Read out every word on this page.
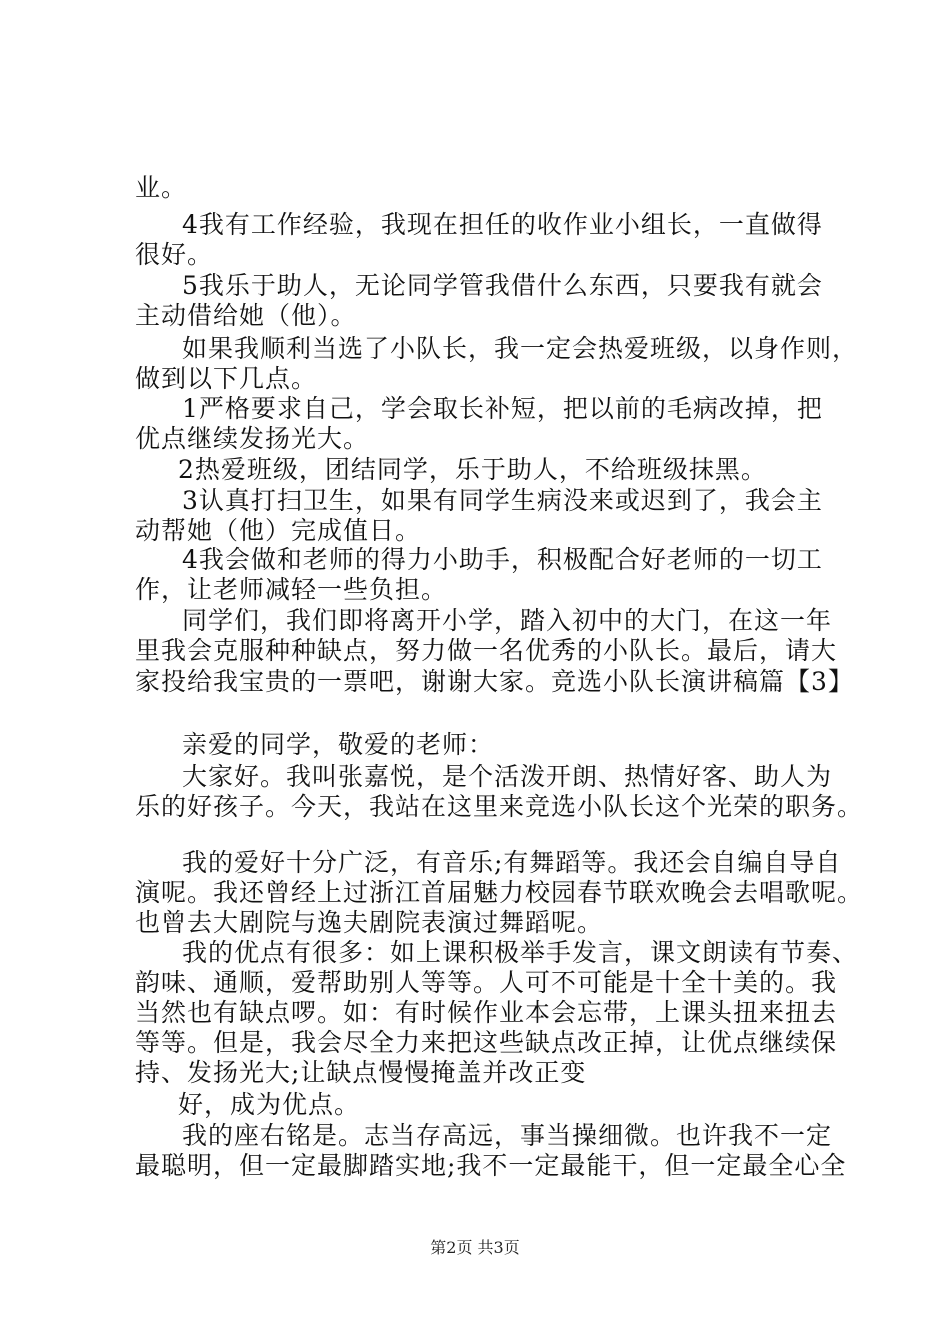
业。
4我有工作经验，我现在担任的收作业小组长，一直做得
很好。
5我乐于助人，无论同学管我借什么东西，只要我有就会
主动借给她（他）。
如果我顺利当选了小队长，我一定会热爱班级，以身作则，
做到以下几点。
1严格要求自己，学会取长补短，把以前的毛病改掉，把
优点继续发扬光大。
2热爱班级，团结同学，乐于助人，不给班级抹黑。
3认真打扫卫生，如果有同学生病没来或迟到了，我会主
动帮她（他）完成值日。
4我会做和老师的得力小助手，积极配合好老师的一切工
作，让老师减轻一些负担。
同学们，我们即将离开小学，踏入初中的大门，在这一年
里我会克服种种缺点，努力做一名优秀的小队长。最后，请大
家投给我宝贵的一票吧，谢谢大家。竞选小队长演讲稿篇【3】
亲爱的同学，敬爱的老师：
大家好。我叫张嘉悦，是个活泼开朗、热情好客、助人为
乐的好孩子。今天，我站在这里来竞选小队长这个光荣的职务。
我的爱好十分广泛，有音乐;有舞蹈等。我还会自编自导自
演呢。我还曾经上过浙江首届魅力校园春节联欢晚会去唱歌呢。
也曾去大剧院与逸夫剧院表演过舞蹈呢。
我的优点有很多：如上课积极举手发言，课文朗读有节奏、
韵味、通顺，爱帮助别人等等。人可不可能是十全十美的。我
当然也有缺点啰。如：有时候作业本会忘带，上课头扭来扭去
等等。但是，我会尽全力来把这些缺点改正掉，让优点继续保
持、发扬光大;让缺点慢慢掩盖并改正变
好，成为优点。
我的座右铭是。志当存高远，事当操细微。也许我不一定
最聪明，但一定最脚踏实地;我不一定最能干，但一定最全心全
第2页 共3页
